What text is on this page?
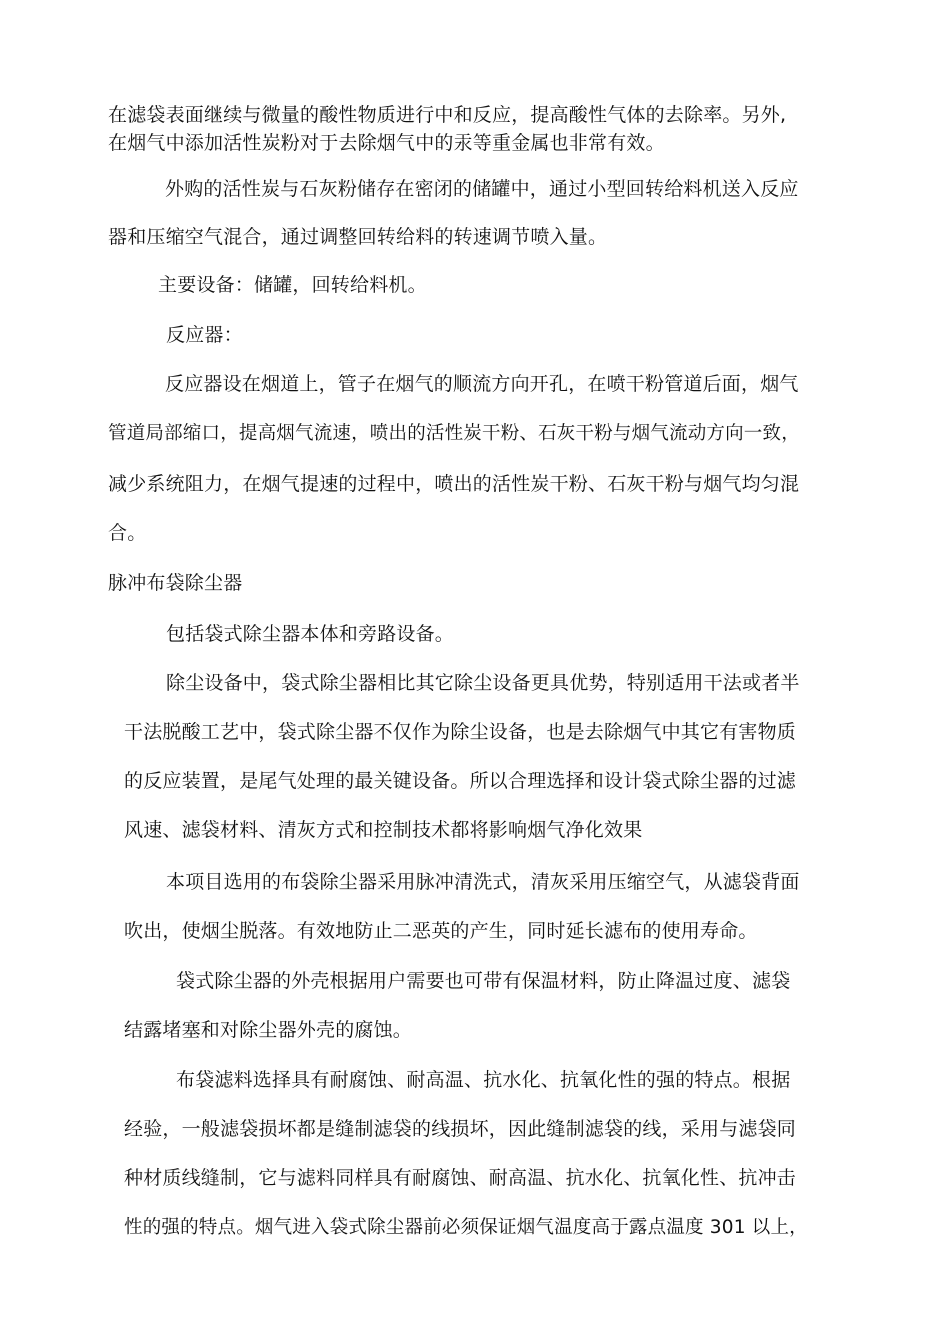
在滤袋表面继续与微量的酸性物质进行中和反应，提高酸性气体的去除率。另外,
在烟气中添加活性炭粉对于去除烟气中的汞等重金属也非常有效。
外购的活性炭与石灰粉储存在密闭的储罐中，通过小型回转给料机送入反应
器和压缩空气混合，通过调整回转给料的转速调节喷入量。
主要设备：储罐，回转给料机。
反应器：
反应器设在烟道上，管子在烟气的顺流方向开孔，在喷干粉管道后面，烟气
管道局部缩口，提高烟气流速，喷出的活性炭干粉、石灰干粉与烟气流动方向一致，
减少系统阻力，在烟气提速的过程中，喷出的活性炭干粉、石灰干粉与烟气均匀混
合。
脉冲布袋除尘器
包括袋式除尘器本体和旁路设备。
除尘设备中，袋式除尘器相比其它除尘设备更具优势，特别适用干法或者半
干法脱酸工艺中，袋式除尘器不仅作为除尘设备，也是去除烟气中其它有害物质
的反应装置，是尾气处理的最关键设备。所以合理选择和设计袋式除尘器的过滤
风速、滤袋材料、清灰方式和控制技术都将影响烟气净化效果
本项目选用的布袋除尘器采用脉冲清洗式，清灰采用压缩空气，从滤袋背面
吹出，使烟尘脱落。有效地防止二恶英的产生，同时延长滤布的使用寿命。
袋式除尘器的外壳根据用户需要也可带有保温材料，防止降温过度、滤袋
结露堵塞和对除尘器外壳的腐蚀。
布袋滤料选择具有耐腐蚀、耐高温、抗水化、抗氧化性的强的特点。根据
经验，一般滤袋损坏都是缝制滤袋的线损坏，因此缝制滤袋的线，采用与滤袋同
种材质线缝制，它与滤料同样具有耐腐蚀、耐高温、抗水化、抗氧化性、抗冲击
性的强的特点。烟气进入袋式除尘器前必须保证烟气温度高于露点温度 301 以上，
